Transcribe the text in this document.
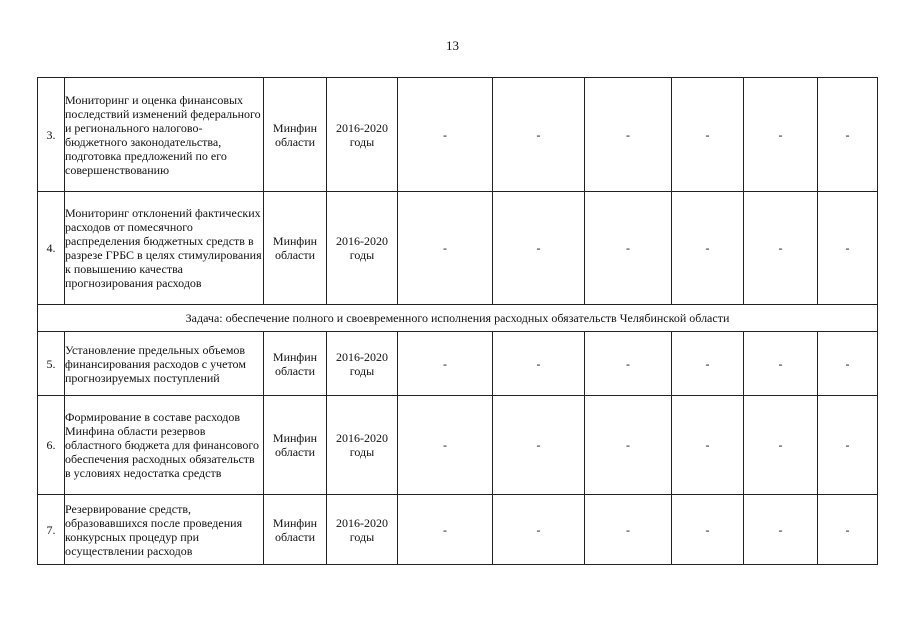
13
3.	Мониторинг и оценка финансовых последствий изменений федерального и регионального налогово-бюджетного законодательства, подготовка предложений по его совершенствованию	Минфин области	2016-2020 годы	-	-	-	-	-	-
4.	Мониторинг отклонений фактических расходов от помесячного распределения бюджетных средств в разрезе ГРБС в целях стимулирования к повышению качества прогнозирования расходов	Минфин области	2016-2020 годы	-	-	-	-	-	-
Задача: обеспечение полного и своевременного исполнения расходных обязательств Челябинской области									
5.	Установление предельных объемов финансирования расходов с учетом прогнозируемых поступлений	Минфин области	2016-2020 годы	-	-	-	-	-	-
6.	Формирование в составе расходов Минфина области резервов областного бюджета для финансового обеспечения расходных обязательств в условиях недостатка средств	Минфин области	2016-2020 годы	-	-	-	-	-	-
7.	Резервирование средств, образовавшихся после проведения конкурсных процедур при осуществлении расходов	Минфин области	2016-2020 годы	-	-	-	-	-	-
